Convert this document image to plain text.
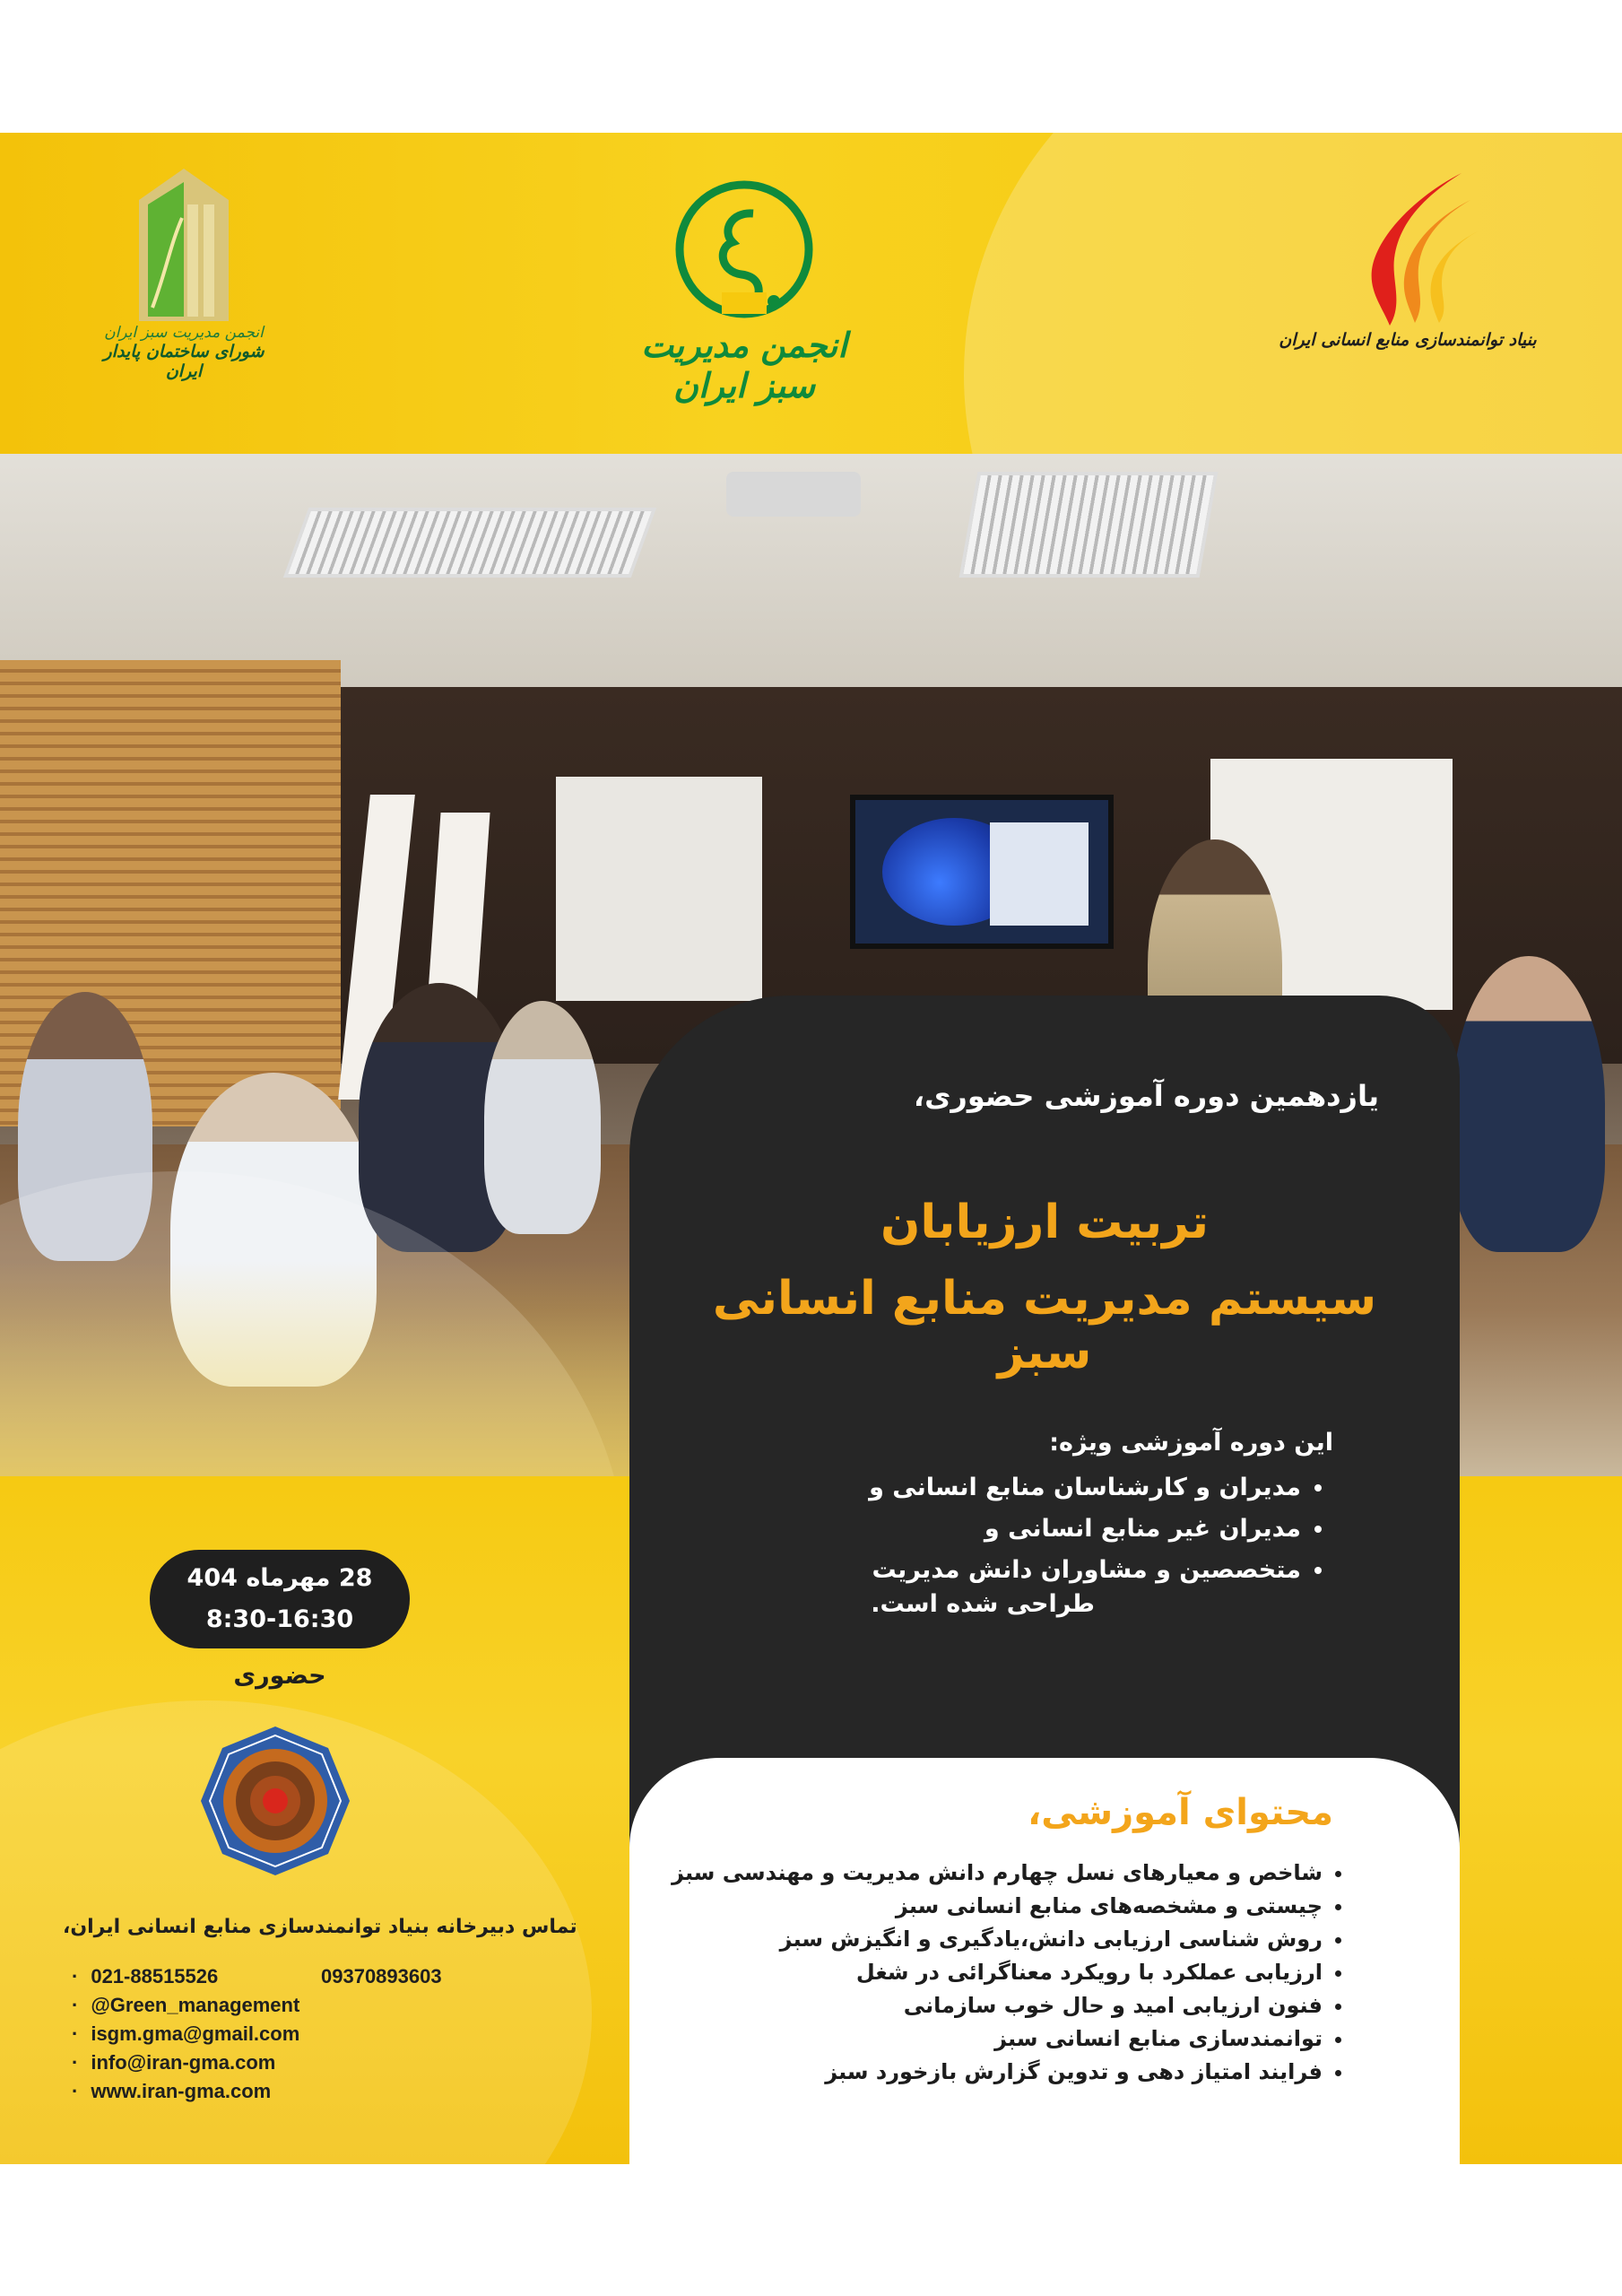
انجمن مدیریت سبز ایران
شورای ساختمان پایدار ایران
انجمن مدیریت سبز ایران
بنیاد توانمندسازی منابع انسانی ایران
یازدهمین دوره آموزشی حضوری،
تربیت ارزیابان
سیستم مدیریت منابع انسانی سبز
این دوره آموزشی ویژه:
• مدیران و کارشناسان منابع انسانی و
• مدیران غیر منابع انسانی و
• متخصصین و مشاوران دانش مدیریت
طراحی شده است.
محتوای آموزشی،
• شاخص و معیارهای نسل چهارم دانش مدیریت و مهندسی سبز
• چیستی و مشخصه‌های منابع انسانی سبز
• روش شناسی ارزیابی دانش،یادگیری و انگیزش سبز
• ارزیابی عملکرد با رویکرد معناگرائی در شغل
• فنون ارزیابی امید و حال خوب سازمانی
• توانمندسازی منابع انسانی سبز
• فرایند امتیاز دهی و تدوین گزارش بازخورد سبز
28 مهرماه 404
8:30-16:30
حضوری
تماس دبیرخانه بنیاد توانمندسازی منابع انسانی ایران،
· 021-88515526
· @Green_management
· isgm.gma@gmail.com
· info@iran-gma.com
· www.iran-gma.com
09370893603
